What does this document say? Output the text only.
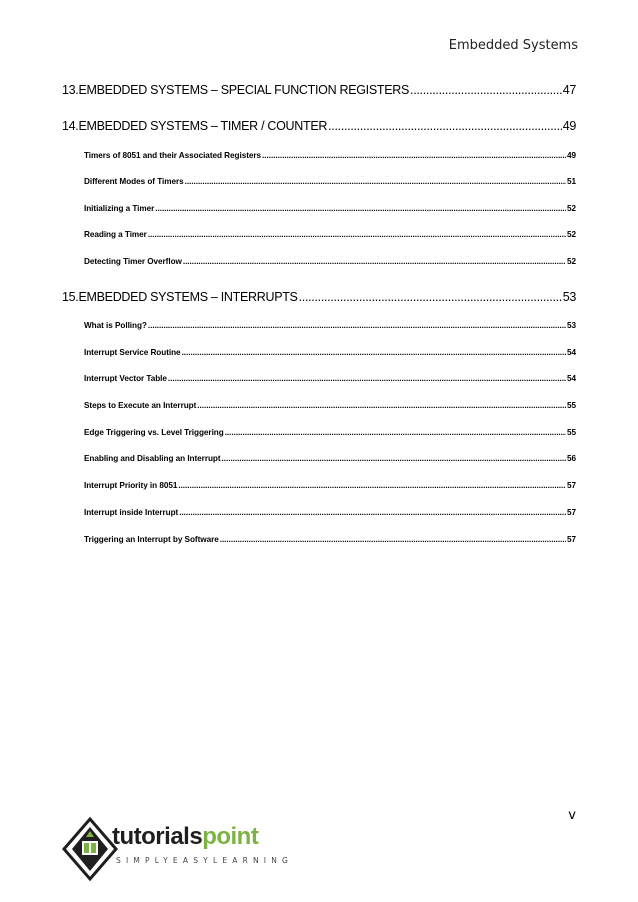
Embedded Systems
13. EMBEDDED SYSTEMS – SPECIAL FUNCTION REGISTERS .....	47
14. EMBEDDED SYSTEMS – TIMER / COUNTER .....	49
Timers of 8051 and their Associated Registers .....	49
Different Modes of Timers .....	51
Initializing a Timer .....	52
Reading a Timer .....	52
Detecting Timer Overflow .....	52
15. EMBEDDED SYSTEMS – INTERRUPTS .....	53
What is Polling? .....	53
Interrupt Service Routine .....	54
Interrupt Vector Table .....	54
Steps to Execute an Interrupt .....	55
Edge Triggering vs. Level Triggering .....	55
Enabling and Disabling an Interrupt .....	56
Interrupt Priority in 8051 .....	57
Interrupt inside Interrupt .....	57
Triggering an Interrupt by Software .....	57
v
tutorialspoint
SIMPLYEASYLEARNING
